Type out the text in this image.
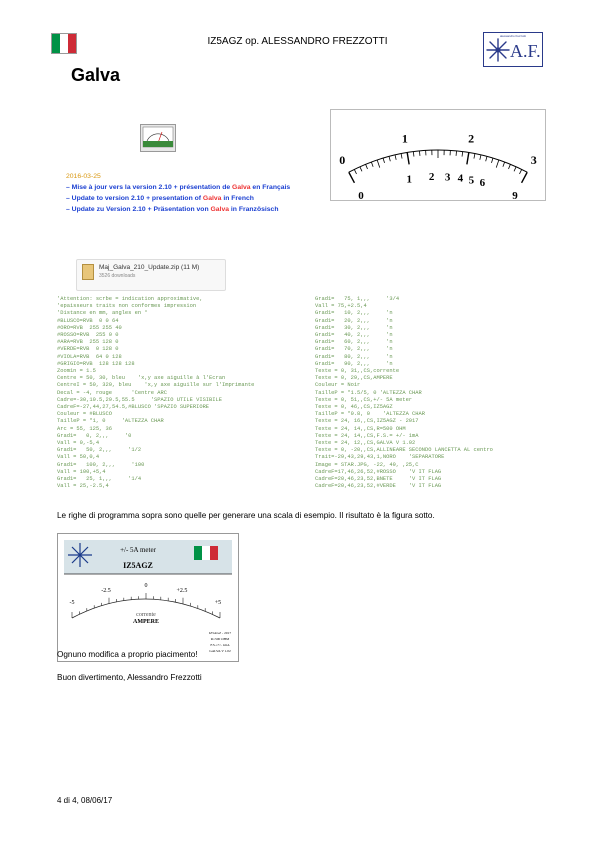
IZ5AGZ op. ALESSANDRO FREZZOTTI	alessandro frezzotti
A.F.
Galva
0
1	2
3
0
1 2 3 4 5 6
9
2016-03-25
– Mise à jour vers la version 2.10 + présentation de Galva en Français
– Update to version 2.10 + presentation of Galva in French
– Update zu Version 2.10 + Präsentation von Galva in Französisch
Maj_Galva_210_Update.zip (11 M)
3526 downloads
'Attention: scrbe = indication approximative,
'epaisseurs traits non conformes impression
'Distance en mm, angles en °
#BLUSCO=RVB  0 0 64
#ORO=RVB  255 255 40
#ROSSO=RVB  255 0 0
#ARA=RVB  255 128 0
#VERDE=RVB  0 128 0
#VIOLA=RVB  64 0 128
#GRIGIO=RVB  128 128 128
Zoom1n = 1.5
Centre = 50, 30, bleu    'x,y axe aiguille à l'Ecran
CentreI = 50, 320, bleu    'x,y axe aiguille sur l'Imprimante
Decal = -4, rouge      'Centre ARC
Cadre=-30,10.5,29.5,55.5     'SPAZIO UTILE VISIBILE
CadreF=-27,44,27,54.5,#BLUSCO 'SPAZIO SUPERIORE
Couleur = #BLUSCO
TailleP = *1, 0     'ALTEZZA CHAR
Arc = 55, 125, 36
Grad1=   0, 2,,,     '0
Vall = 0,-5,4
Grad1=   50, 2,,,     '1/2
Vall = 50,0,4
Grad1=   100, 2,,,     '100
Vall = 100,+5,4
Grad1=   25, 1,,,     '1/4
Vall = 25,-2.5,4
Grad1=   75, 1,,,     '3/4
Vall = 75,+2.5,4
Grad1=   10, 2,,,     'n
Grad1=   20, 2,,,     'n
Grad1=   30, 2,,,     'n
Grad1=   40, 2,,,     'n
Grad1=   60, 2,,,     'n
Grad1=   70, 2,,,     'n
Grad1=   80, 2,,,     'n
Grad1=   90, 2,,,     'n
Texte = 0, 31,,CS,corrente
Texte = 0, 29,,CS,AMPERE
Couleur = Noir
TailleP = *1.5/5, 0 'ALTEZZA CHAR
Texte = 0, 51,,CS,+/- 5A meter
Texte = 0, 46,,CS,IZ5AGZ
TailleP = *0.8, 0    'ALTEZZA CHAR
Texte = 24, 16,,CS,IZ5AGZ - 2017
Texte = 24, 14,,CS,R=500 OHM
Texte = 24, 14,,CS,F.S.= +/- 1mA
Texte = 24, 12,,CS,GALVA V 1.02
Texte = 0, -20,,CS,ALLINEARE SECONDO LANCETTA AL centro
Trait=-29,43,29,43,1,NORO    'SEPARATORE
Image = STAR.JPG, -22, 49, ,25,C
CadreF=17,46,26,52,#ROSSO    'V IT FLAG
CadreF=20,46,23,52,BNETE     'V IT FLAG
CadreF=20,46,23,52,#VERDE    'V IT FLAG
Le righe di programma sopra sono quelle per generare una scala di esempio. Il risultato è la figura sotto.
+/- 5A meter
IZ5AGZ
-5
-2.5
0
+2.5
+5
corrente
AMPERE
IZ5AGZ - 2017
R=500 OHM
F.S.=+/- 1mA
GALVA V 1.02
Ognuno modifica a proprio piacimento!
Buon divertimento, Alessandro Frezzotti
4 di 4, 08/06/17
